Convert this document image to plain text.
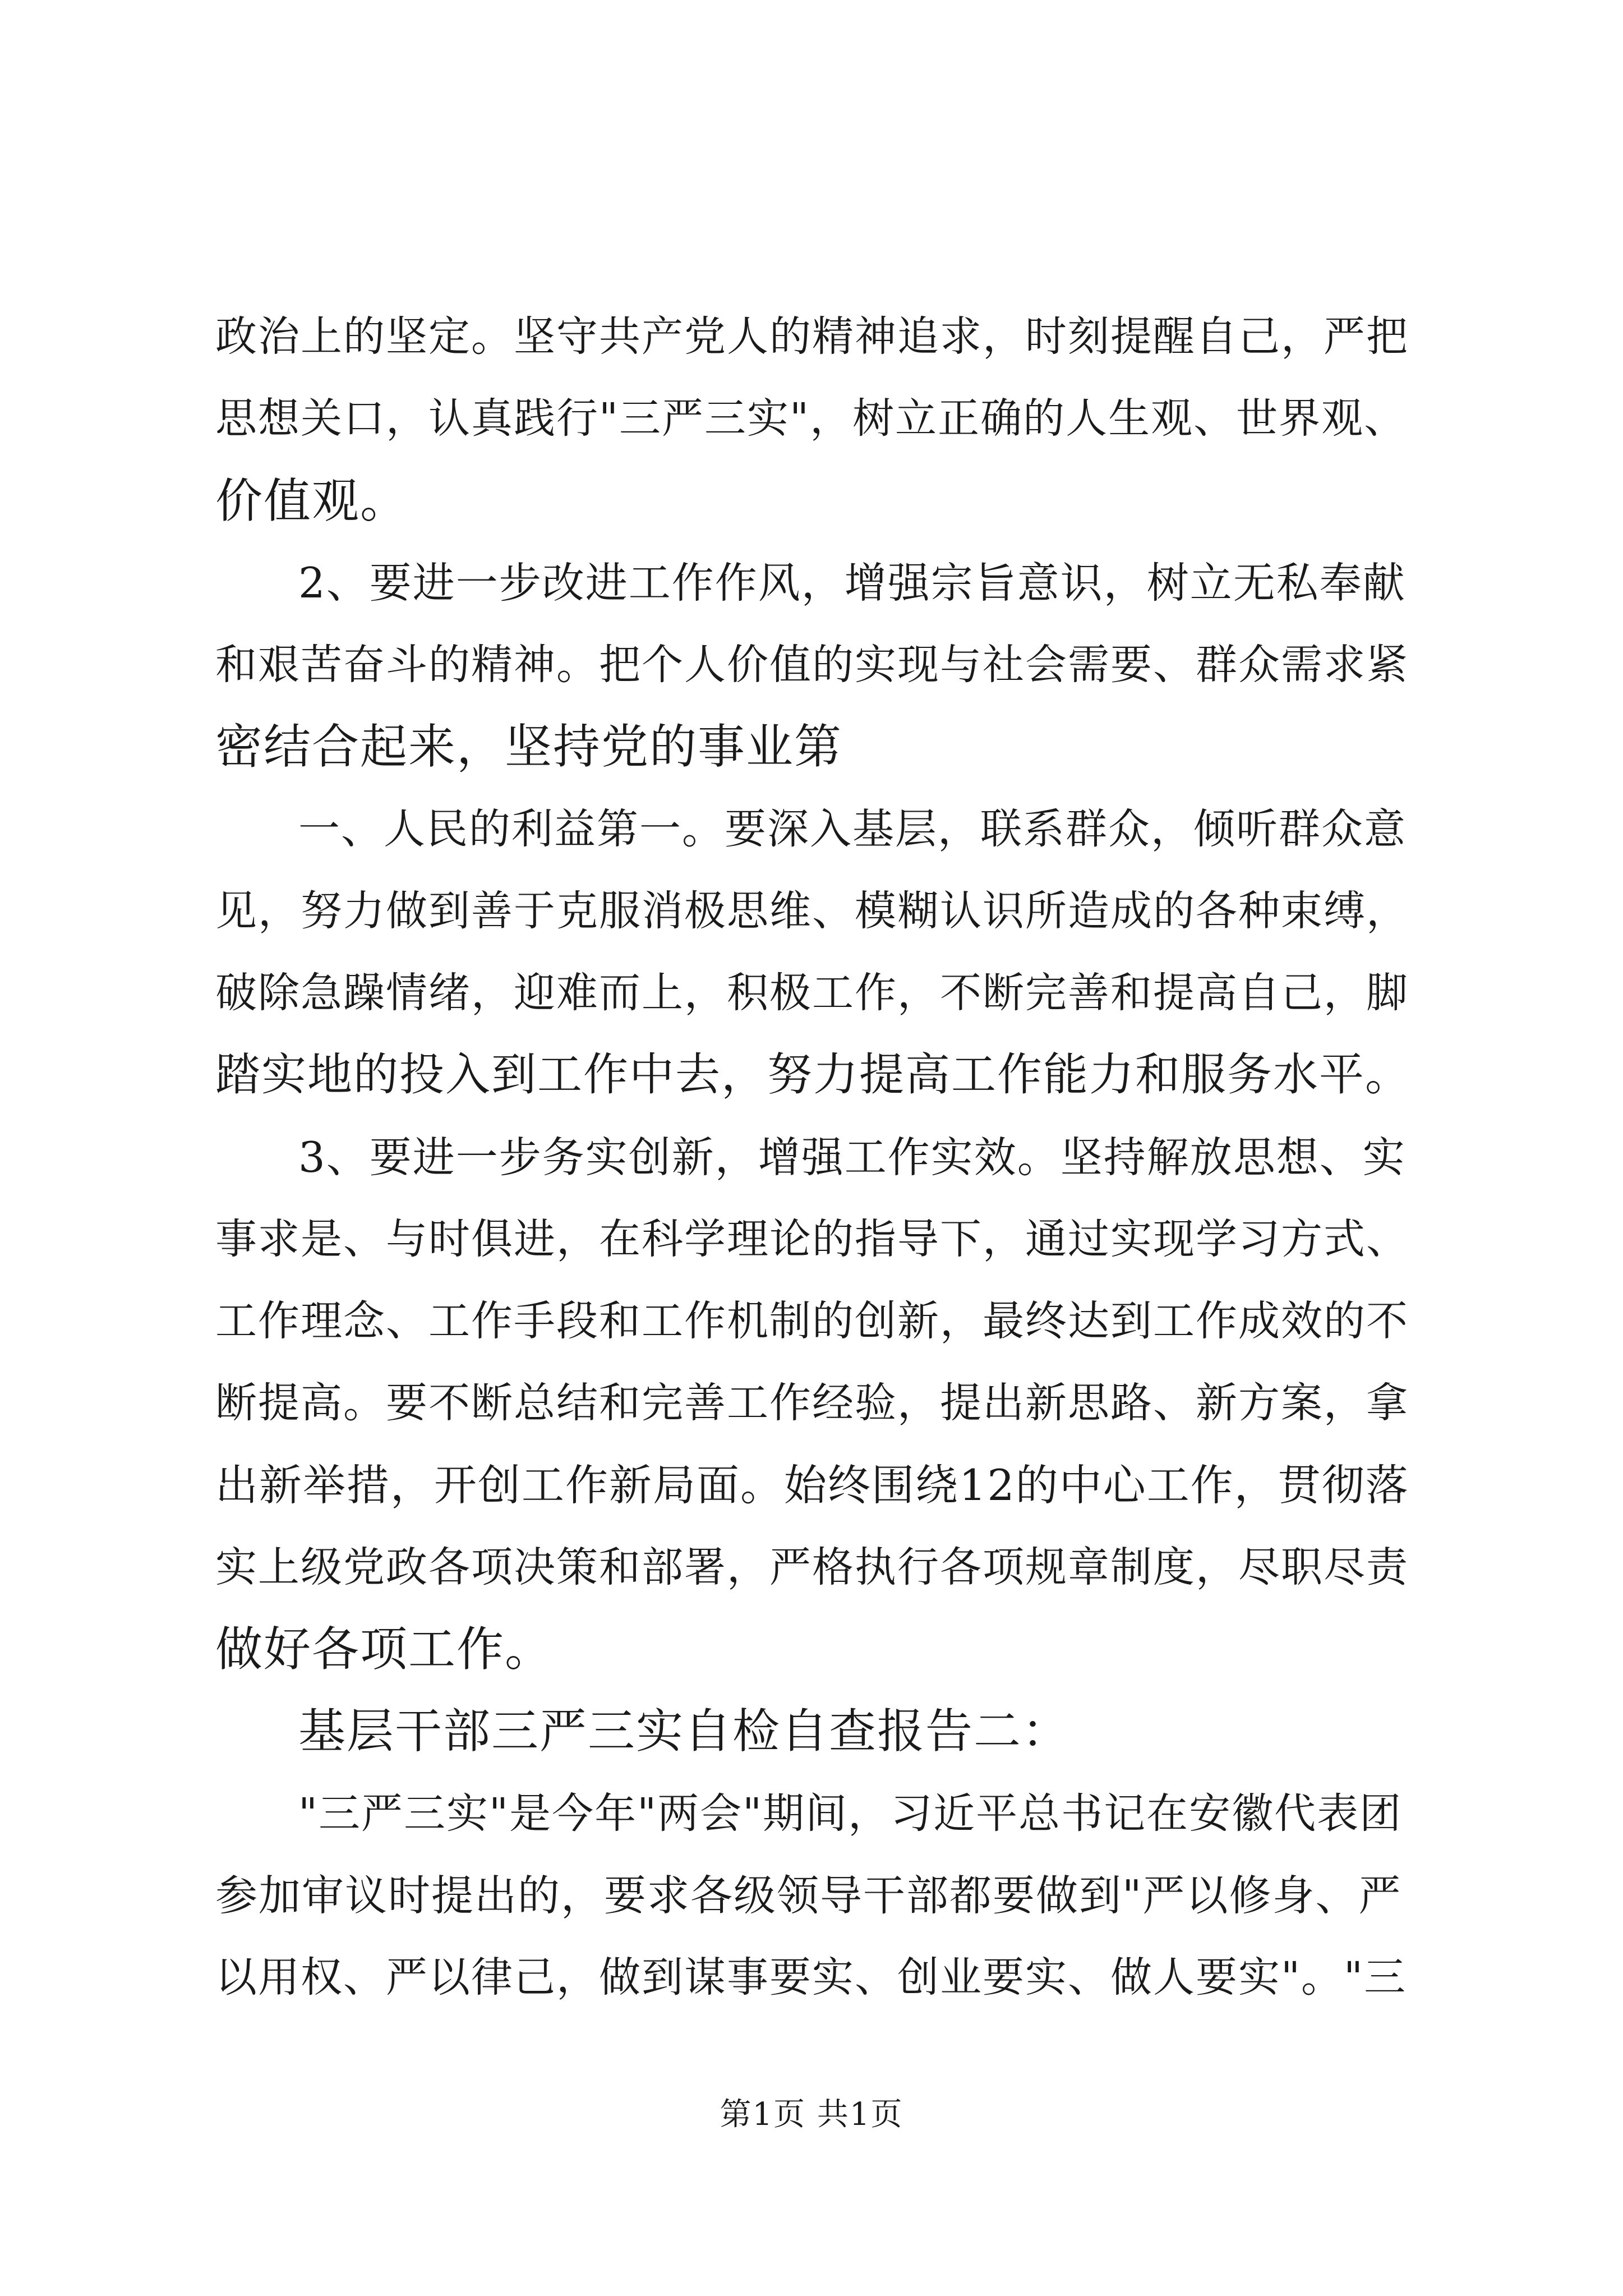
政治上的坚定。坚守共产党人的精神追求，时刻提醒自己，严把
思想关口，认真践行"三严三实"，树立正确的人生观、世界观、
价值观。
2、要进一步改进工作作风，增强宗旨意识，树立无私奉献
和艰苦奋斗的精神。把个人价值的实现与社会需要、群众需求紧
密结合起来，坚持党的事业第
一、人民的利益第一。要深入基层，联系群众，倾听群众意
见，努力做到善于克服消极思维、模糊认识所造成的各种束缚，
破除急躁情绪，迎难而上，积极工作，不断完善和提高自己，脚
踏实地的投入到工作中去，努力提高工作能力和服务水平。
3、要进一步务实创新，增强工作实效。坚持解放思想、实
事求是、与时俱进，在科学理论的指导下，通过实现学习方式、
工作理念、工作手段和工作机制的创新，最终达到工作成效的不
断提高。要不断总结和完善工作经验，提出新思路、新方案，拿
出新举措，开创工作新局面。始终围绕12的中心工作，贯彻落
实上级党政各项决策和部署，严格执行各项规章制度，尽职尽责
做好各项工作。
基层干部三严三实自检自查报告二：
"三严三实"是今年"两会"期间，习近平总书记在安徽代表团
参加审议时提出的，要求各级领导干部都要做到"严以修身、严
以用权、严以律己，做到谋事要实、创业要实、做人要实"。"三
第1页 共1页
